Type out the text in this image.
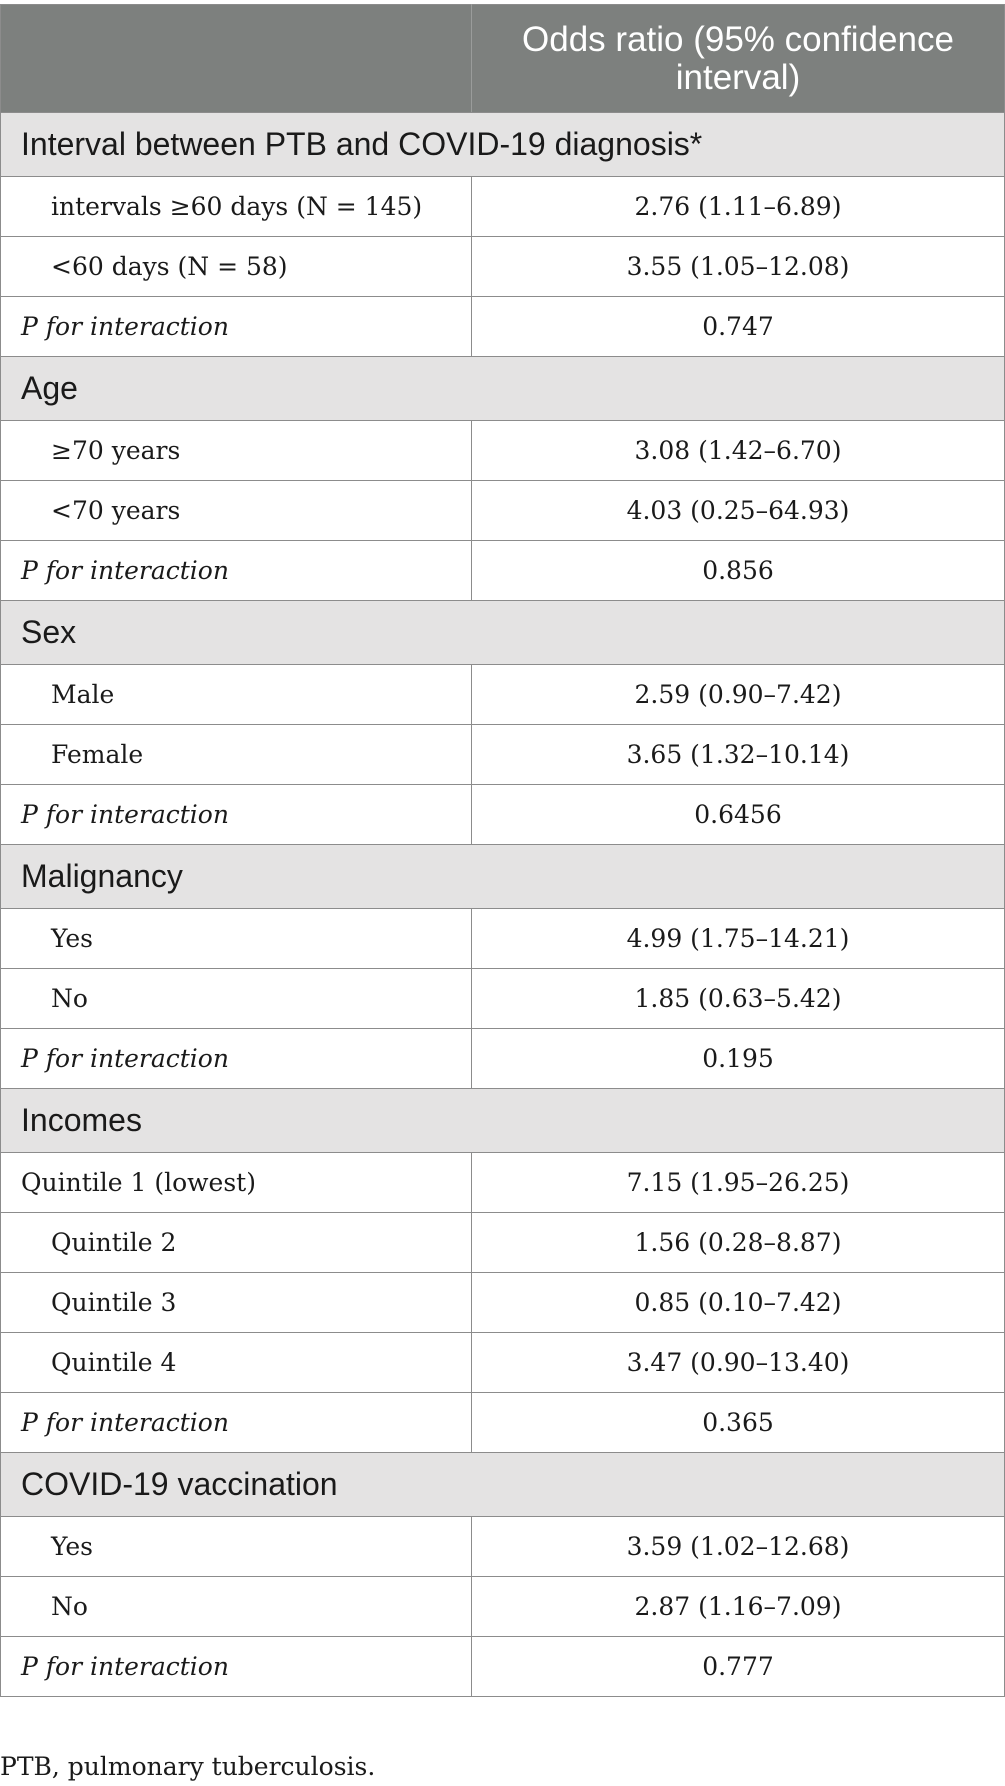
	Odds ratio (95% confidence interval)
Interval between PTB and COVID-19 diagnosis*	
intervals ≥60 days (N = 145)	2.76 (1.11–6.89)
<60 days (N = 58)	3.55 (1.05–12.08)
P for interaction	0.747
Age	
≥70 years	3.08 (1.42–6.70)
<70 years	4.03 (0.25–64.93)
P for interaction	0.856
Sex	
Male	2.59 (0.90–7.42)
Female	3.65 (1.32–10.14)
P for interaction	0.6456
Malignancy	
Yes	4.99 (1.75–14.21)
No	1.85 (0.63–5.42)
P for interaction	0.195
Incomes	
Quintile 1 (lowest)	7.15 (1.95–26.25)
Quintile 2	1.56 (0.28–8.87)
Quintile 3	0.85 (0.10–7.42)
Quintile 4	3.47 (0.90–13.40)
P for interaction	0.365
COVID-19 vaccination	
Yes	3.59 (1.02–12.68)
No	2.87 (1.16–7.09)
P for interaction	0.777
PTB, pulmonary tuberculosis.
